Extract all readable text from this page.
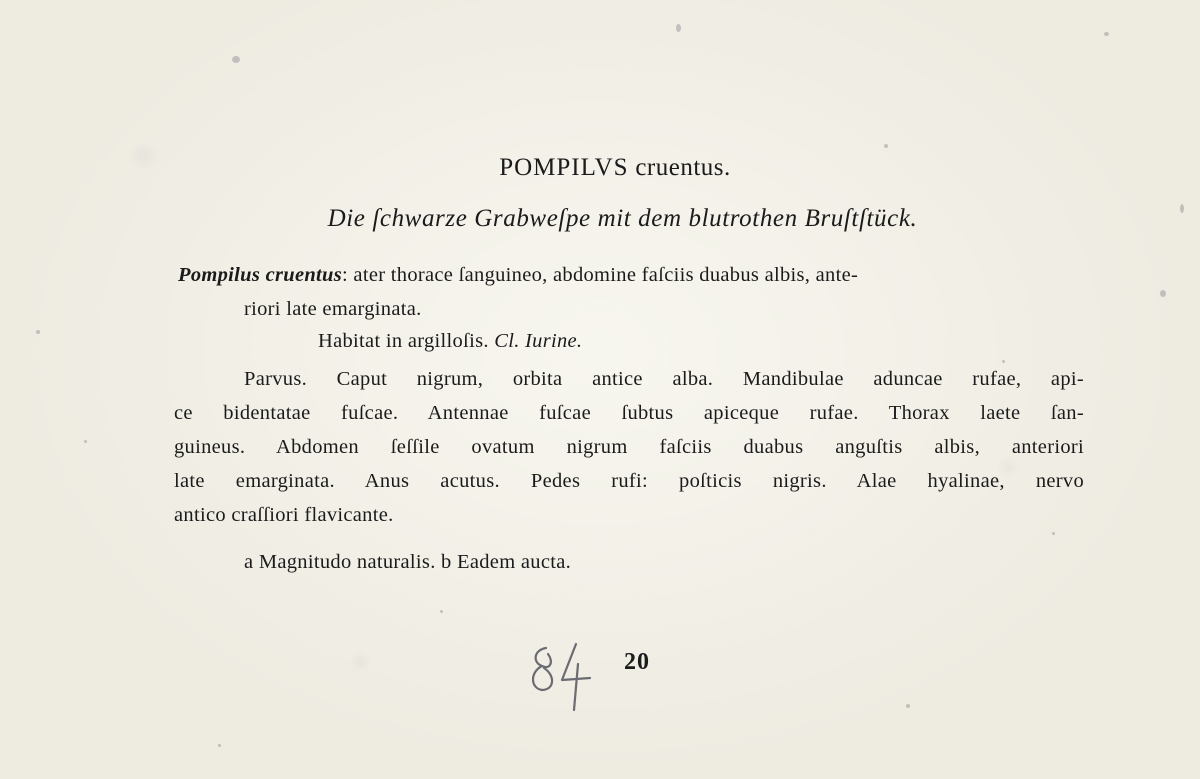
POMPILVS cruentus.
Die ſchwarze Grabweſpe mit dem blutrothen Bruſtſtück.
Pompilus cruentus: ater thorace ſanguineo, abdomine faſciis duabus albis, ante-
riori late emarginata.
Habitat in argilloſis. Cl. Iurine.
Parvus. Caput nigrum, orbita antice alba. Mandibulae aduncae rufae, api-
ce bidentatae fuſcae. Antennae fuſcae ſubtus apiceque rufae. Thorax laete ſan-
guineus. Abdomen ſeſſile ovatum nigrum faſciis duabus anguſtis albis, anteriori
late emarginata. Anus acutus. Pedes rufi: poſticis nigris. Alae hyalinae, nervo
antico craſſiori flavicante.
a Magnitudo naturalis. b Eadem aucta.
20
